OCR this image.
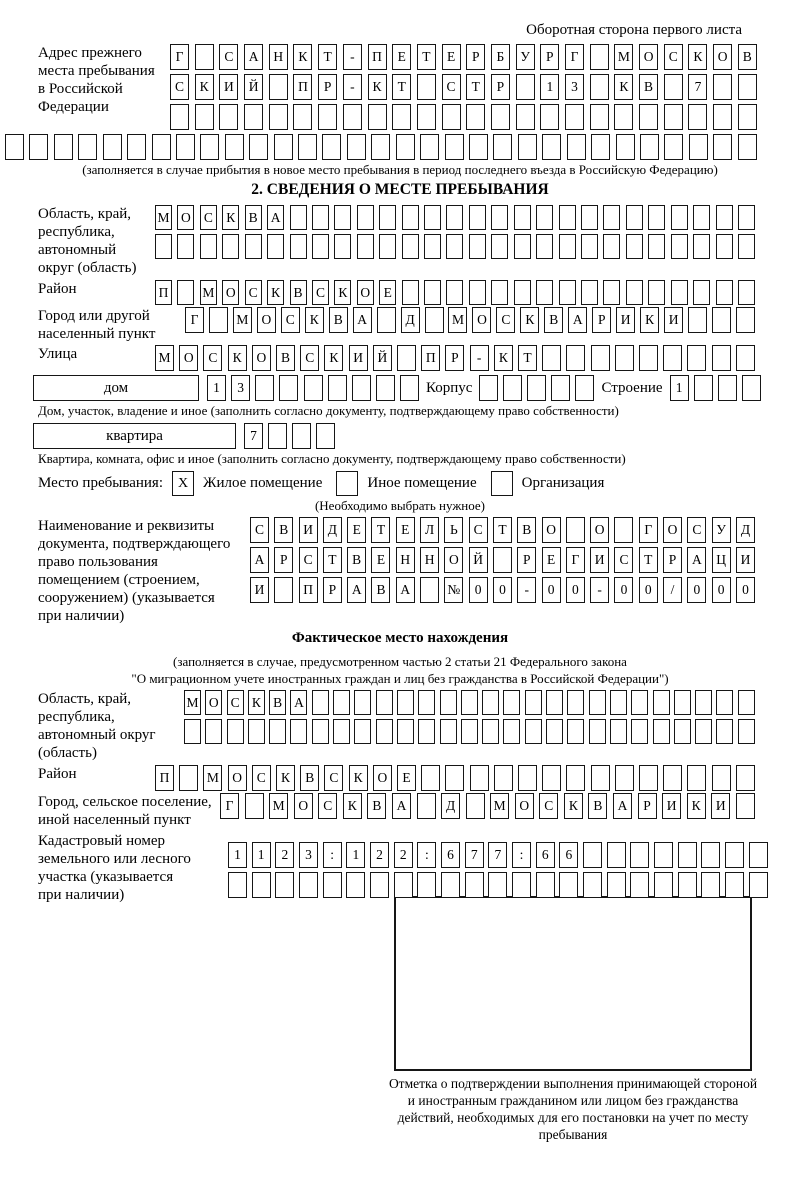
Оборотная сторона первого листа
Адрес прежнего
места пребывания
в Российской
Федерации
Г	С	А	Н	К	Т	-	П	Е	Т	Е	Р	Б	У	Р	Г	М	О	С	К	О	В
С	К	И	Й	П	Р	-	К	Т	С	Т	Р	1	3	К	В	7
(заполняется в случае прибытия в новое место пребывания в период последнего въезда в Российскую Федерацию)
2. СВЕДЕНИЯ О МЕСТЕ ПРЕБЫВАНИЯ
Область, край,
республика,
автономный
округ (область)
М О С К В А
Район	П	М О С К В С К О Е
Город или другой
населенный пункт
Г	М О	С	К	В	А	Д	М О	С	К	В	А	Р	И	К	И
Улица	М О	С	К	О	В	С	К	И	Й	П	Р	-	К	Т
дом	1	3	Корпус	Строение 1
Дом, участок, владение и иное (заполнить согласно документу, подтверждающему право собственности)
квартира	7
Квартира, комната, офис и иное (заполнить согласно документу, подтверждающему право собственности)
Место пребывания:	X Жилое помещение	Иное помещение	Организация
(Необходимо выбрать нужное)
Наименование и реквизиты
документа, подтверждающего
право пользования
помещением (строением,
сооружением) (указывается
при наличии)
С	В	И	Д	Е	Т	Е	Л	Ь	С	Т	В	О	О	Г	О	С	У	Д
А	Р	С	Т	В	Е	Н	Н	О	Й	Р	Е	Г	И	С	Т	Р	А	Ц	И
И	П	Р	А	В	А	№	0	0	-	0	0	-	0	0	/	0	0	0
Фактическое место нахождения
(заполняется в случае, предусмотренном частью 2 статьи 21 Федерального закона
"О миграционном учете иностранных граждан и лиц без гражданства в Российской Федерации")
Область, край,
республика,
автономный округ
(область)
М О С К В А
Район	П	М О	С	К	В	С	К	О	Е
Город, сельское поселение,
иной населенный пункт
Г	М	О	С	К	В	А	Д	М	О	С	К	В	А	Р	И	К	И
Кадастровый номер
земельного или лесного
участка (указывается
при наличии)
1	1	2	3	:	1	2	2	:	6	7	7	:	6	6
Отметка о подтверждении выполнения принимающей стороной и иностранным гражданином или лицом без гражданства действий, необходимых для его постановки на учет по месту пребывания
